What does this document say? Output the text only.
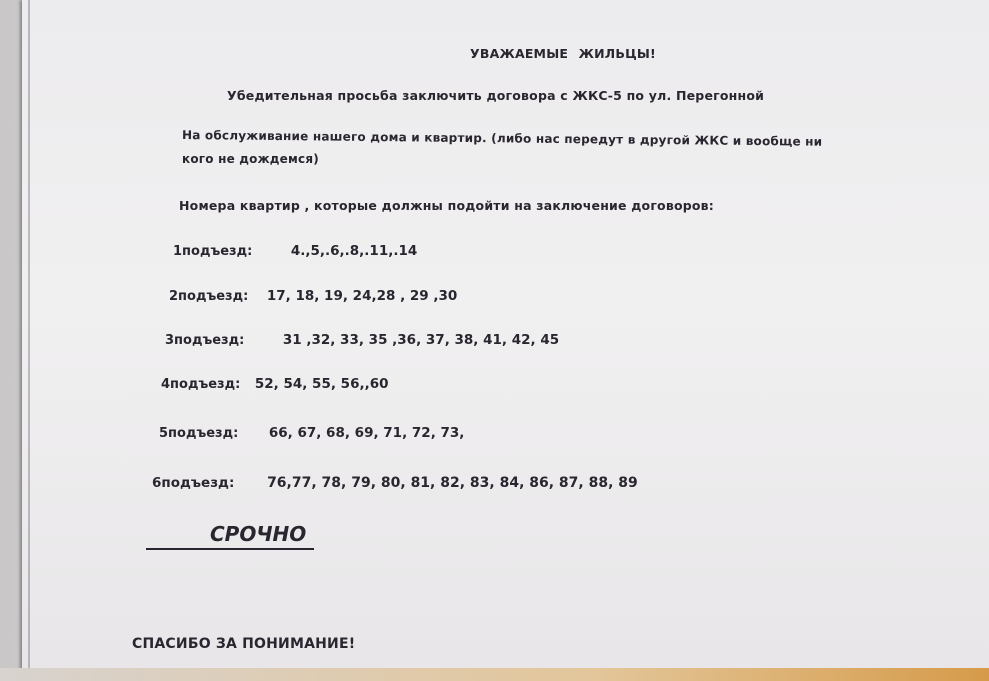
УВАЖАЕМЫЕ ЖИЛЬЦЫ!
Убедительная просьба заключить договора с ЖКС-5 по ул. Перегонной
На обслуживание нашего дома и квартир. (либо нас передут в другой ЖКС и вообще ни
кого не дождемся)
Номера квартир , которые должны подойти на заключение договоров:
1подъезд:	4.,5,.6,.8,.11,.14
2подъезд: 17, 18, 19, 24,28 , 29 ,30
3подъезд:	31 ,32, 33, 35 ,36, 37, 38, 41, 42, 45
4подъезд: 52, 54, 55, 56,,60
5подъезд: 66, 67, 68, 69, 71, 72, 73,
6подъезд: 76,77, 78, 79, 80, 81, 82, 83, 84, 86, 87, 88, 89
СРОЧНО
СПАСИБО ЗА ПОНИМАНИЕ!
